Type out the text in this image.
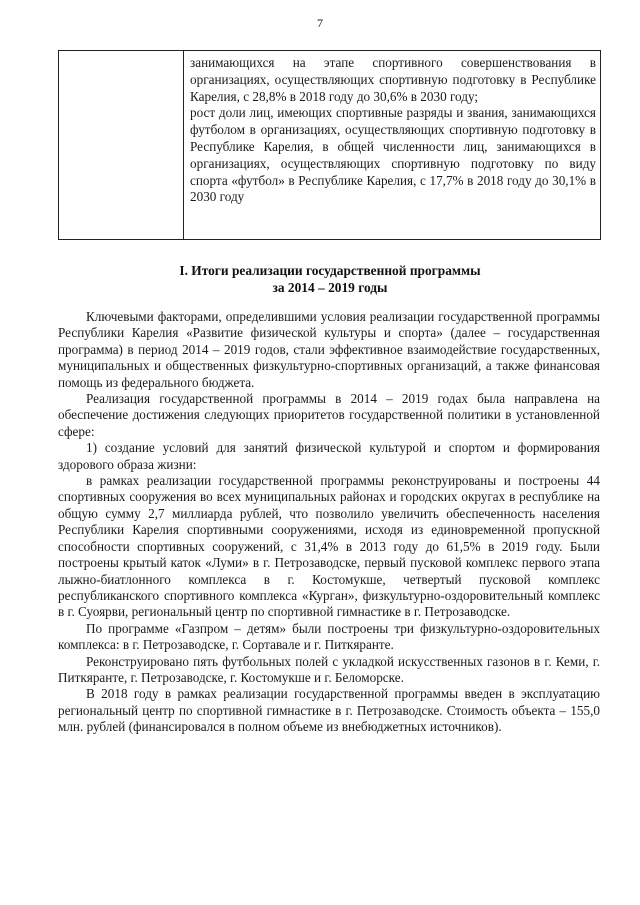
7
занимающихся на этапе спортивного совершенствования в организациях, осуществляющих спортивную подготовку в Республике Карелия, с 28,8% в 2018 году до 30,6% в 2030 году;
рост доли лиц, имеющих спортивные разряды и звания, занимающихся футболом в организациях, осуществляющих спортивную подготовку в Республике Карелия, в общей численности лиц, занимающихся в организациях, осуществляющих спортивную подготовку по виду спорта «футбол» в Республике Карелия, с 17,7% в 2018 году до 30,1% в 2030 году
I. Итоги реализации государственной программы
за 2014 – 2019 годы

Ключевыми факторами, определившими условия реализации государственной программы Республики Карелия «Развитие физической культуры и спорта» (далее – государственная программа) в период 2014 – 2019 годов, стали эффективное взаимодействие государственных, муниципальных и общественных физкультурно-спортивных организаций, а также финансовая помощь из федерального бюджета.

Реализация государственной программы в 2014 – 2019 годах была направлена на обеспечение достижения следующих приоритетов государственной политики в установленной сфере:

1) создание условий для занятий физической культурой и спортом и формирования здорового образа жизни:

в рамках реализации государственной программы реконструированы и построены 44 спортивных сооружения во всех муниципальных районах и городских округах в республике на общую сумму 2,7 миллиарда рублей, что позволило увеличить обеспеченность населения Республики Карелия спортивными сооружениями, исходя из единовременной пропускной способности спортивных сооружений, с 31,4% в 2013 году до 61,5% в 2019 году. Были построены крытый каток «Луми» в г. Петрозаводске, первый пусковой комплекс первого этапа лыжно-биатлонного комплекса в г. Костомукше, четвертый пусковой комплекс республиканского спортивного комплекса «Курган», физкультурно-оздоровительный комплекс в г. Суоярви, региональный центр по спортивной гимнастике в г. Петрозаводске.

По программе «Газпром – детям» были построены три физкультурно-оздоровительных комплекса: в г. Петрозаводске, г. Сортавале и г. Питкяранте.

Реконструировано пять футбольных полей с укладкой искусственных газонов в г. Кеми, г. Питкяранте, г. Петрозаводске, г. Костомукше и г. Беломорске.

В 2018 году в рамках реализации государственной программы введен в эксплуатацию региональный центр по спортивной гимнастике в г. Петрозаводске. Стоимость объекта – 155,0 млн. рублей (финансировался в полном объеме из внебюджетных источников).
